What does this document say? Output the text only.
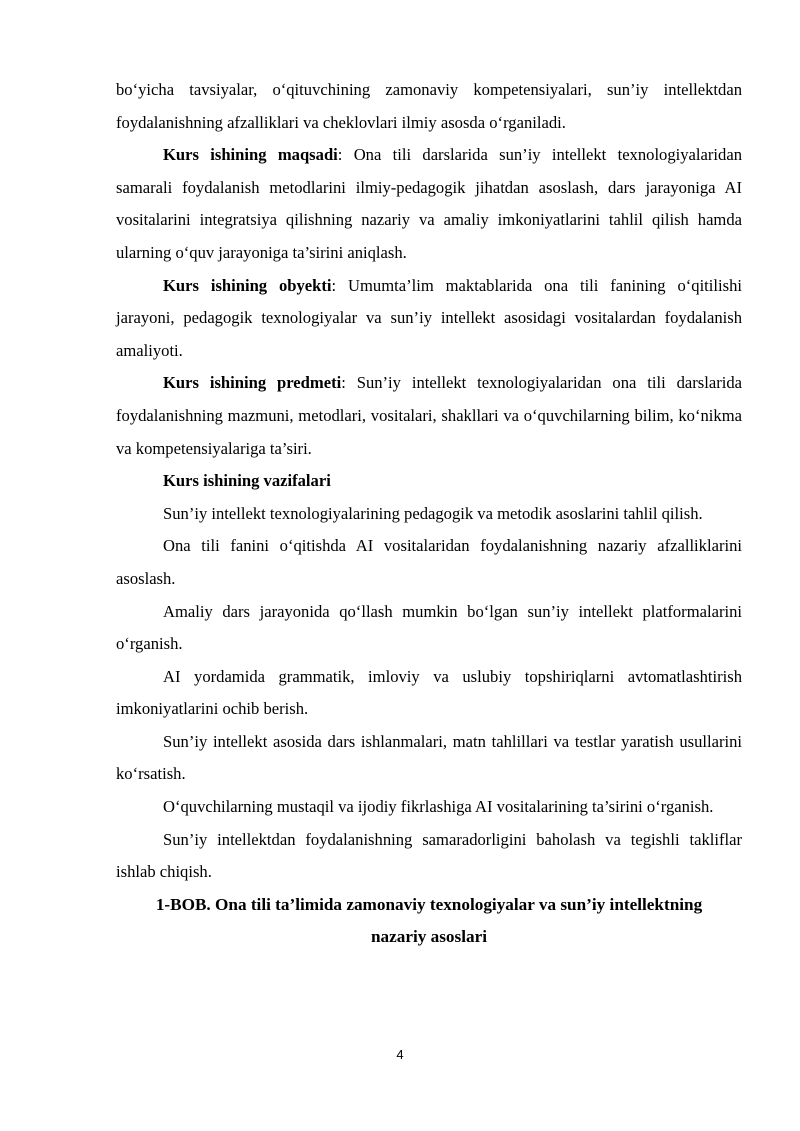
bo‘yicha tavsiyalar, o‘qituvchining zamonaviy kompetensiyalari, sun’iy intellektdan foydalanishning afzalliklari va cheklovlari ilmiy asosda o‘rganiladi.

Kurs ishining maqsadi: Ona tili darslarida sun’iy intellekt texnologiyalaridan samarali foydalanish metodlarini ilmiy-pedagogik jihatdan asoslash, dars jarayoniga AI vositalarini integratsiya qilishning nazariy va amaliy imkoniyatlarini tahlil qilish hamda ularning o‘quv jarayoniga ta’sirini aniqlash.

Kurs ishining obyekti: Umumta’lim maktablarida ona tili fanining o‘qitilishi jarayoni, pedagogik texnologiyalar va sun’iy intellekt asosidagi vositalardan foydalanish amaliyoti.

Kurs ishining predmeti: Sun’iy intellekt texnologiyalaridan ona tili darslarida foydalanishning mazmuni, metodlari, vositalari, shakllari va o‘quvchilarning bilim, ko‘nikma va kompetensiyalariga ta’siri.

Kurs ishining vazifalari

Sun’iy intellekt texnologiyalarining pedagogik va metodik asoslarini tahlil qilish.

Ona tili fanini o‘qitishda AI vositalaridan foydalanishning nazariy afzalliklarini asoslash.

Amaliy dars jarayonida qo‘llash mumkin bo‘lgan sun’iy intellekt platformalarini o‘rganish.

AI yordamida grammatik, imloviy va uslubiy topshiriqlarni avtomatlashtirish imkoniyatlarini ochib berish.

Sun’iy intellekt asosida dars ishlanmalari, matn tahlillari va testlar yaratish usullarini ko‘rsatish.

O‘quvchilarning mustaqil va ijodiy fikrlashiga AI vositalarining ta’sirini o‘rganish.

Sun’iy intellektdan foydalanishning samaradorligini baholash va tegishli takliflar ishlab chiqish.

1-BOB. Ona tili ta’limida zamonaviy texnologiyalar va sun’iy intellektning nazariy asoslari

4
